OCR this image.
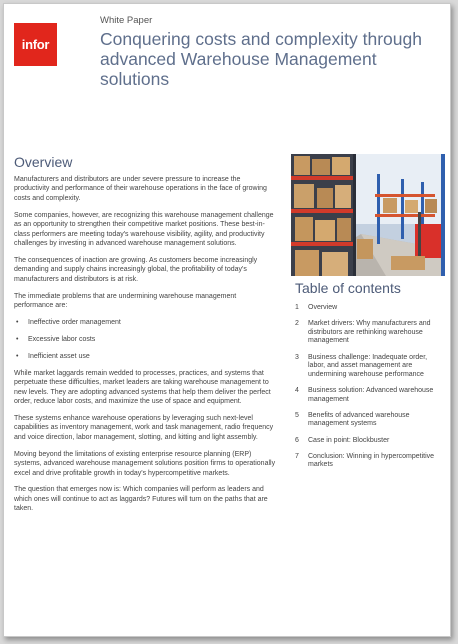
infor
White Paper
Conquering costs and complexity through advanced Warehouse Management solutions
Overview

Manufacturers and distributors are under severe pressure to increase the productivity and performance of their warehouse operations in the face of growing costs and complexity.

Some companies, however, are recognizing this warehouse management challenge as an opportunity to strengthen their competitive market positions. These best-in-class performers are meeting today's warehouse visibility, agility, and productivity challenges by investing in advanced warehouse management solutions.

The consequences of inaction are growing. As customers become increasingly demanding and supply chains increasingly global, the profitability of today's manufacturers and distributors is at risk.

The immediate problems that are undermining warehouse management performance are:

• Ineffective order management
• Excessive labor costs
• Inefficient asset use

While market laggards remain wedded to processes, practices, and systems that perpetuate these difficulties, market leaders are taking warehouse management to new levels. They are adopting advanced systems that help them deliver the perfect order, reduce labor costs, and maximize the use of space and equipment.

These systems enhance warehouse operations by leveraging such next-level capabilities as inventory management, work and task management, radio frequency and voice direction, labor management, slotting, and kitting and light assembly.

Moving beyond the limitations of existing enterprise resource planning (ERP) systems, advanced warehouse management solutions position firms to operationally excel and drive profitable growth in today's hypercompetitive markets.

The question that emerges now is: Which companies will perform as leaders and which ones will continue to act as laggards? Futures will turn on the paths that are taken.

Table of contents
1	Overview
2	Market drivers: Why manufacturers and distributors are rethinking warehouse management
3	Business challenge: Inadequate order, labor, and asset management are undermining warehouse performance
4	Business solution: Advanced warehouse management
5	Benefits of advanced warehouse management systems
6	Case in point: Blockbuster
7	Conclusion: Winning in hypercompetitive markets
